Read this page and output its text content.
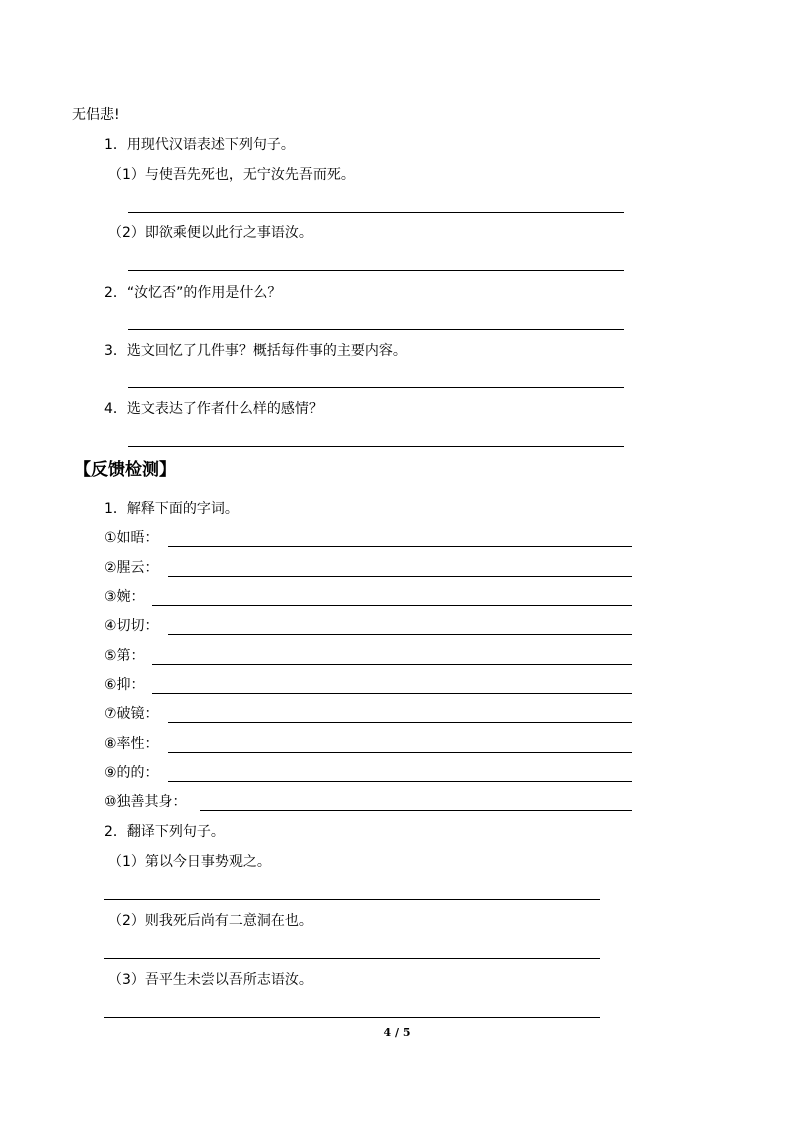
无侣悲!
1．用现代汉语表述下列句子。
（1）与使吾先死也，无宁汝先吾而死。
（2）即欲乘便以此行之事语汝。
2．“汝忆否”的作用是什么？
3．选文回忆了几件事？概括每件事的主要内容。
4．选文表达了作者什么样的感情？
【反馈检测】
1．解释下面的字词。
①如晤：
②腥云：
③婉：
④切切：
⑤第：
⑥抑：
⑦破镜：
⑧率性：
⑨的的：
⑩独善其身：
2．翻译下列句子。
（1）第以今日事势观之。
（2）则我死后尚有二意洞在也。
（3）吾平生未尝以吾所志语汝。
4 / 5
